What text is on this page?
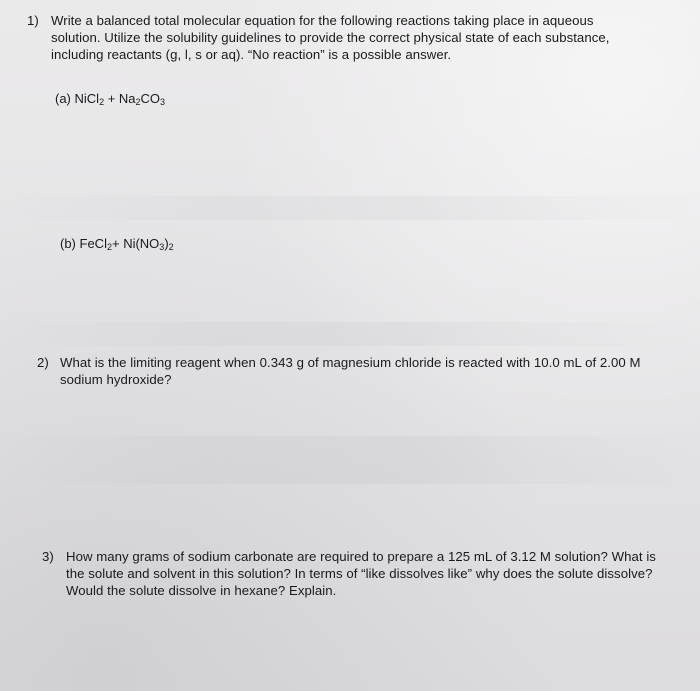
1) Write a balanced total molecular equation for the following reactions taking place in aqueous
solution. Utilize the solubility guidelines to provide the correct physical state of each substance,
including reactants (g, l, s or aq). “No reaction” is a possible answer.
(a) NiCl$_2$ + $Na_2CO_3$
(b) FeCl$_2$+ $Ni(NO_3)_2$
2) What is the limiting reagent when 0.343 g of magnesium chloride is reacted with 10.0 mL of 2.00 M
sodium hydroxide?
3) How many grams of sodium carbonate are required to prepare a 125 mL of 3.12 M solution? What is
the solute and solvent in this solution? In terms of “like dissolves like” why does the solute dissolve?
Would the solute dissolve in hexane? Explain.
